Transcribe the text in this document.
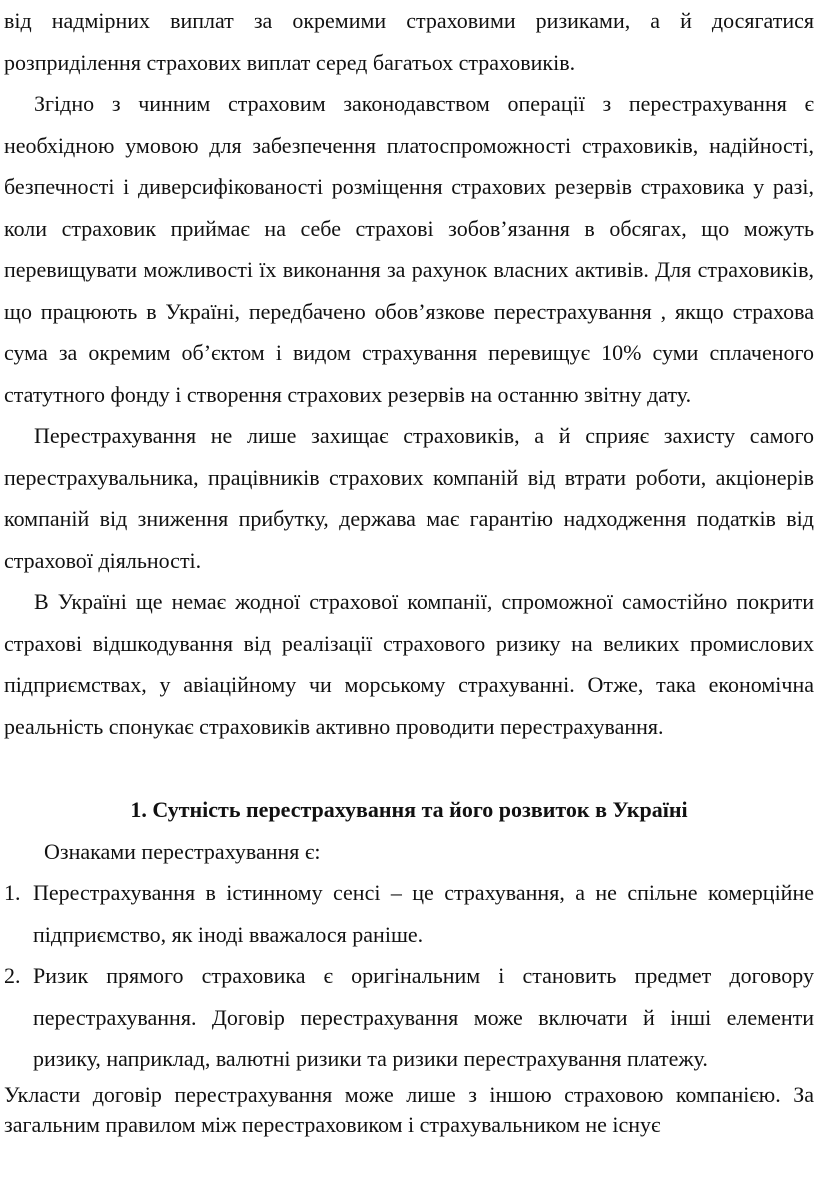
від надмірних виплат за окремими страховими ризиками, а й досягатися розприділення страхових виплат серед багатьох страховиків.

Згідно з чинним страховим законодавством операції з перестрахування є необхідною умовою для забезпечення платоспроможності страховиків, надійності, безпечності і диверсифікованості розміщення страхових резервів страховика у разі, коли страховик приймає на себе страхові зобов’язання в обсягах, що можуть перевищувати можливості їх виконання за рахунок власних активів. Для страховиків, що працюють в Україні, передбачено обов’язкове перестрахування , якщо страхова сума за окремим об’єктом і видом страхування перевищує 10% суми сплаченого статутного фонду і створення страхових резервів на останню звітну дату.

Перестрахування не лише захищає страховиків, а й сприяє захисту самого перестрахувальника, працівників страхових компаній від втрати роботи, акціонерів компаній від зниження прибутку, держава має гарантію надходження податків від страхової діяльності.

В Україні ще немає жодної страхової компанії, спроможної самостійно покрити страхові відшкодування від реалізації страхового ризику на великих промислових підприємствах, у авіаційному чи морському страхуванні. Отже, така економічна реальність спонукає страховиків активно проводити перестрахування.

1. Сутність перестрахування та його розвиток в Україні

Ознаками перестрахування є:

1. Перестрахування в істинному сенсі – це страхування, а не спільне комерційне підприємство, як іноді вважалося раніше.
2. Ризик прямого страховика є оригінальним і становить предмет договору перестрахування. Договір перестрахування може включати й інші елементи ризику, наприклад, валютні ризики та ризики перестрахування платежу.

Укласти договір перестрахування може лише з іншою страховою компанією. За загальним правилом між перестраховиком і страхувальником не існує
